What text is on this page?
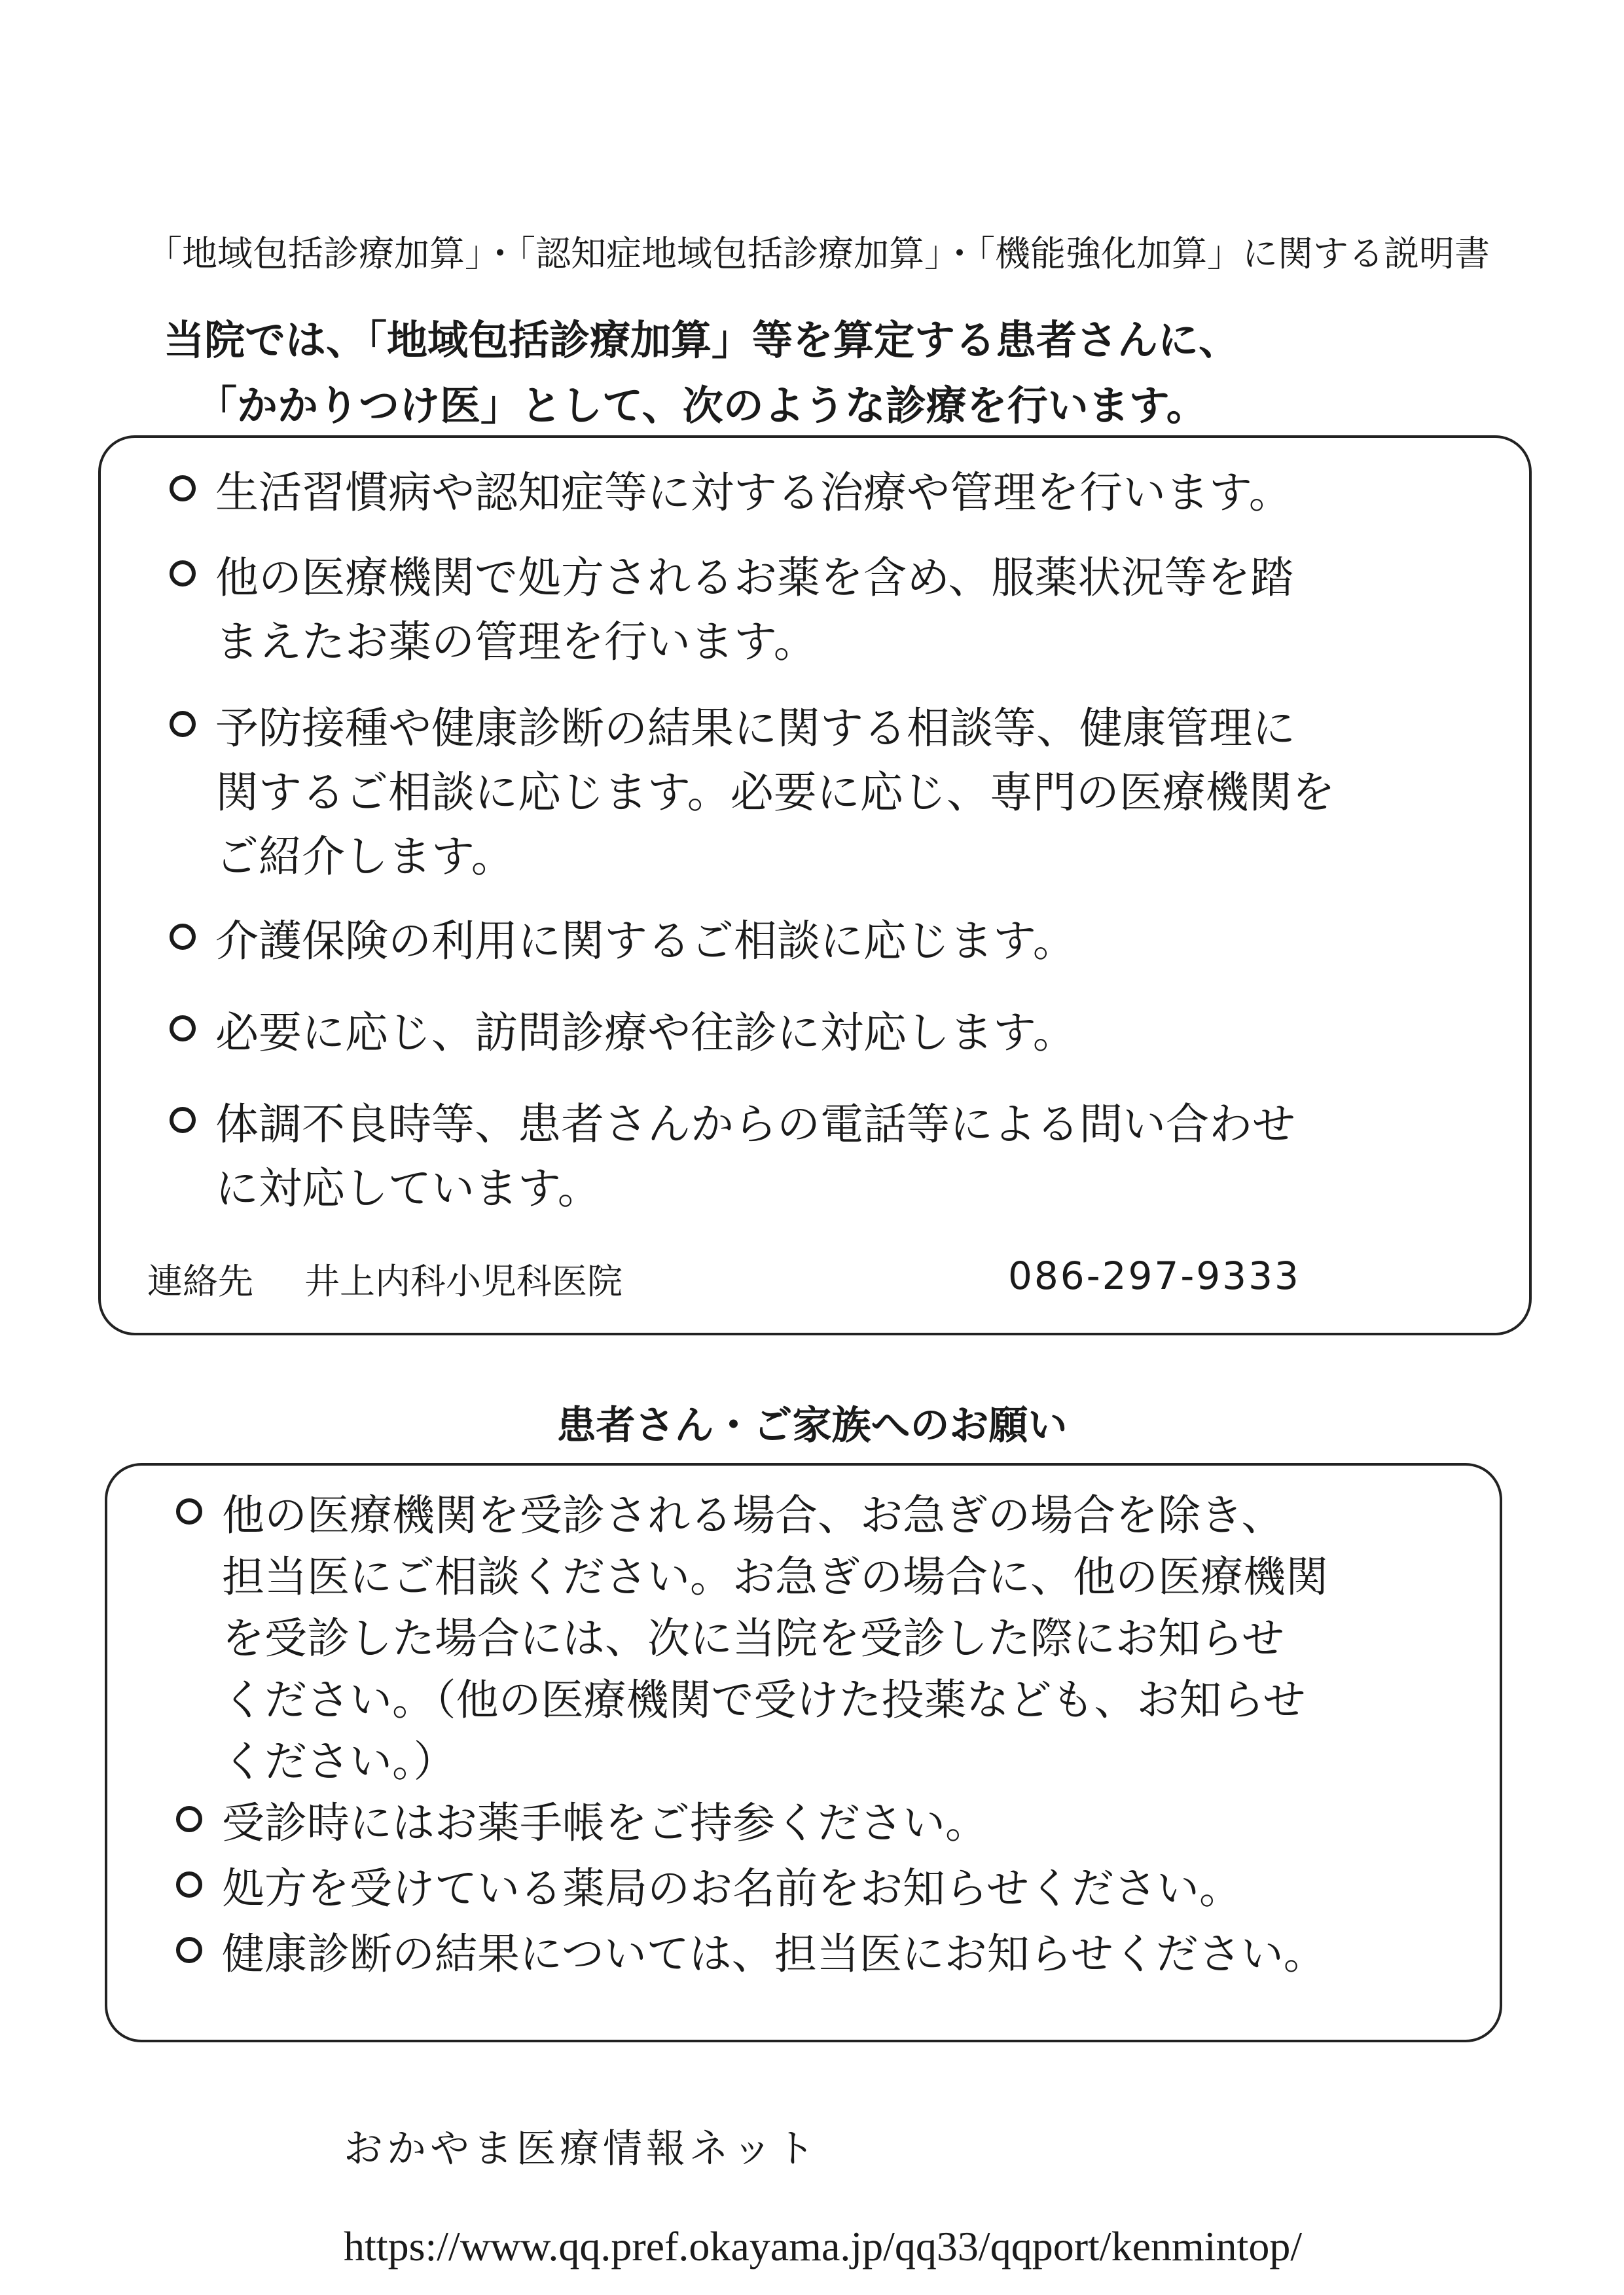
「地域包括診療加算」・「認知症地域包括診療加算」・「機能強化加算」に関する説明書
当院では、「地域包括診療加算」等を算定する患者さんに、
「かかりつけ医」として、次のような診療を行います。
生活習慣病や認知症等に対する治療や管理を行います。
他の医療機関で処方されるお薬を含め、服薬状況等を踏
まえたお薬の管理を行います。
予防接種や健康診断の結果に関する相談等、健康管理に
関するご相談に応じます。必要に応じ、専門の医療機関を
ご紹介します。
介護保険の利用に関するご相談に応じます。
必要に応じ、訪問診療や往診に対応します。
体調不良時等、患者さんからの電話等による問い合わせ
に対応しています。
連絡先 井上内科小児科医院	086-297-9333
患者さん・ご家族へのお願い
他の医療機関を受診される場合、お急ぎの場合を除き、
担当医にご相談ください。お急ぎの場合に、他の医療機関
を受診した場合には、次に当院を受診した際にお知らせ
ください。（他の医療機関で受けた投薬なども、お知らせ
ください。）
受診時にはお薬手帳をご持参ください。
処方を受けている薬局のお名前をお知らせください。
健康診断の結果については、担当医にお知らせください。
おかやま医療情報ネット
https://www.qq.pref.okayama.jp/qq33/qqport/kenmintop/
